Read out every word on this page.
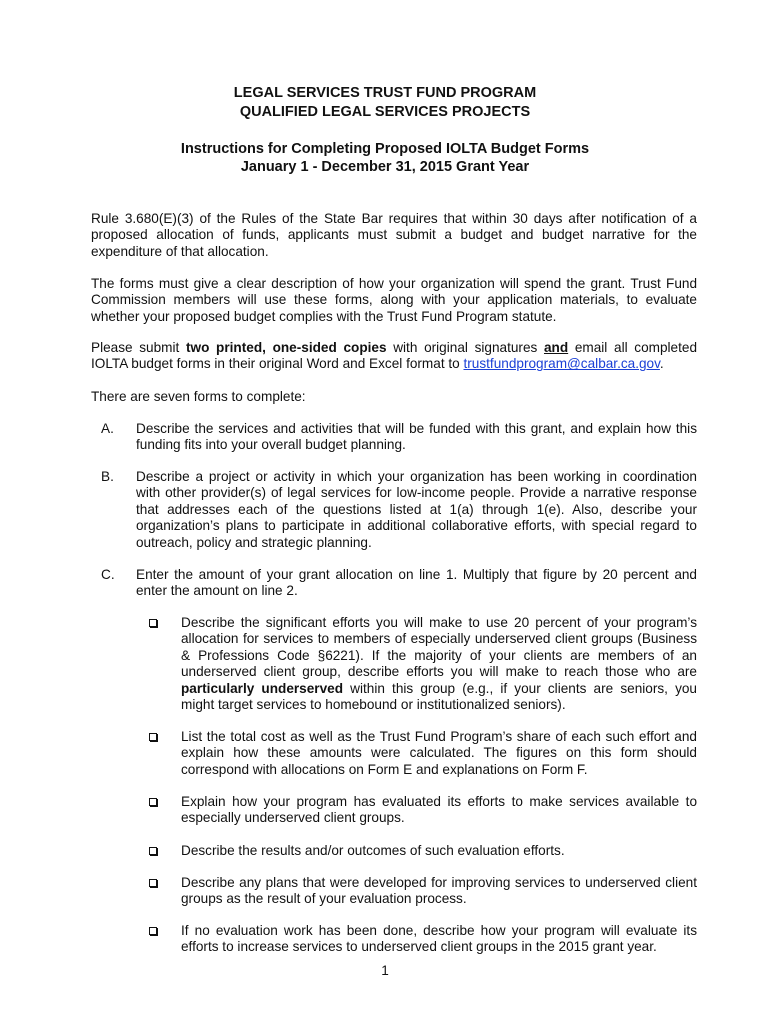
LEGAL SERVICES TRUST FUND PROGRAM
QUALIFIED LEGAL SERVICES PROJECTS
Instructions for Completing Proposed IOLTA Budget Forms
January 1 - December 31, 2015 Grant Year
Rule 3.680(E)(3) of the Rules of the State Bar requires that within 30 days after notification of a proposed allocation of funds, applicants must submit a budget and budget narrative for the expenditure of that allocation.
The forms must give a clear description of how your organization will spend the grant. Trust Fund Commission members will use these forms, along with your application materials, to evaluate whether your proposed budget complies with the Trust Fund Program statute.
Please submit two printed, one-sided copies with original signatures and email all completed IOLTA budget forms in their original Word and Excel format to trustfundprogram@calbar.ca.gov.
There are seven forms to complete:
A. Describe the services and activities that will be funded with this grant, and explain how this funding fits into your overall budget planning.
B. Describe a project or activity in which your organization has been working in coordination with other provider(s) of legal services for low-income people. Provide a narrative response that addresses each of the questions listed at 1(a) through 1(e). Also, describe your organization’s plans to participate in additional collaborative efforts, with special regard to outreach, policy and strategic planning.
C. Enter the amount of your grant allocation on line 1. Multiply that figure by 20 percent and enter the amount on line 2.
Describe the significant efforts you will make to use 20 percent of your program’s allocation for services to members of especially underserved client groups (Business & Professions Code §6221). If the majority of your clients are members of an underserved client group, describe efforts you will make to reach those who are particularly underserved within this group (e.g., if your clients are seniors, you might target services to homebound or institutionalized seniors).
List the total cost as well as the Trust Fund Program’s share of each such effort and explain how these amounts were calculated. The figures on this form should correspond with allocations on Form E and explanations on Form F.
Explain how your program has evaluated its efforts to make services available to especially underserved client groups.
Describe the results and/or outcomes of such evaluation efforts.
Describe any plans that were developed for improving services to underserved client groups as the result of your evaluation process.
If no evaluation work has been done, describe how your program will evaluate its efforts to increase services to underserved client groups in the 2015 grant year.
1
